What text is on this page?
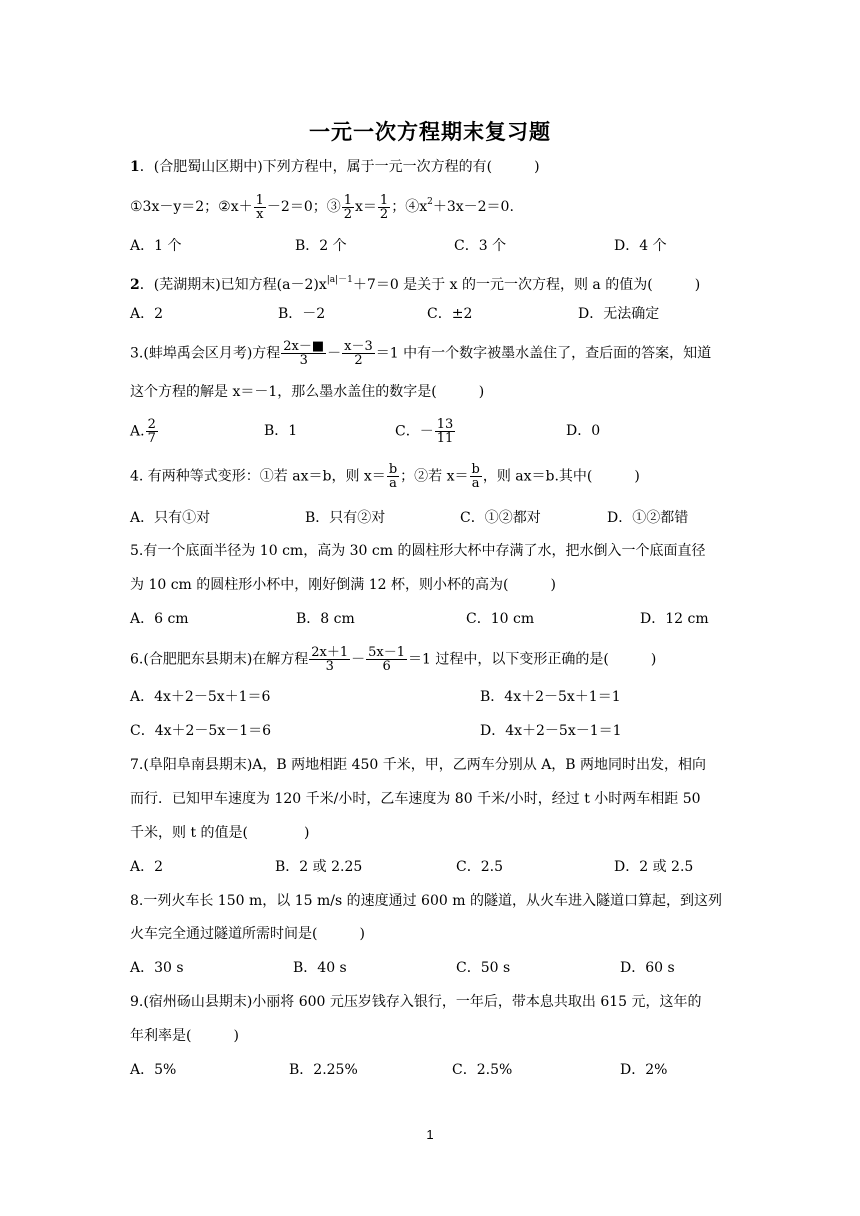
一元一次方程期末复习题
1．(合肥蜀山区期中)下列方程中，属于一元一次方程的有(　　　)
①3x－y＝2；②x＋ $\frac{1}{x} -2=0$；③ $\frac{1}{2} x= \frac{1}{2}$ ；$④x^2+3x-2=0$.
A．1 个	B．2 个	C．3 个	D．4 个
2．(芜湖期末)已知方程$(a-2)x^{|a|-1}+7=0$ 是关于 x 的一元一次方程，则 a 的值为(　　　)
A．2	B．－2	C．±2	D．无法确定
3.(蚌埠禹会区月考)方程 $\frac{2x-■}{3} - \frac{x-3}{2} =1$ 中有一个数字被墨水盖住了，查后面的答案，知道
这个方程的解是 x＝－1，那么墨水盖住的数字是(　　　)
A. $\frac{2}{7}$	B．1	C．－ $\frac{13}{11}$	D．0
4. 有两种等式变形：①若 ax＝b，则 $x= \frac{b}{a}$ ；②若 $x= \frac{b}{a}$ ，则 ax＝b.其中(　　　)
A．只有①对	B．只有②对	C．①②都对	D．①②都错
5.有一个底面半径为 10 cm，高为 30 cm 的圆柱形大杯中存满了水，把水倒入一个底面直径
为 10 cm 的圆柱形小杯中，刚好倒满 12 杯，则小杯的高为(　　　)
A．6 cm	B．8 cm	C．10 cm	D．12 cm
6.(合肥肥东县期末)在解方程 $\frac{2x+1}{3} - \frac{5x-1}{6} =1$ 过程中，以下变形正确的是(　　　)
A．4x＋2－5x＋1＝6	B．4x＋2－5x＋1＝1
C．4x＋2－5x－1＝6	D．4x＋2－5x－1＝1
7.(阜阳阜南县期末)A，B 两地相距 450 千米，甲，乙两车分别从 A，B 两地同时出发，相向
而行．已知甲车速度为 120 千米/小时，乙车速度为 80 千米/小时，经过 t 小时两车相距 50
千米，则 t 的值是(　　　　)
A．2	B．2 或 2.25	C．2.5	D．2 或 2.5
8.一列火车长 150 m，以 15 m/s 的速度通过 600 m 的隧道，从火车进入隧道口算起，到这列
火车完全通过隧道所需时间是(　　　)
A．30 s	B．40 s	C．50 s	D．60 s
9.(宿州砀山县期末)小丽将 600 元压岁钱存入银行，一年后，带本息共取出 615 元，这年的
年利率是(　　　)
A．5%	B．2.25%	C．2.5%	D．2%
1
